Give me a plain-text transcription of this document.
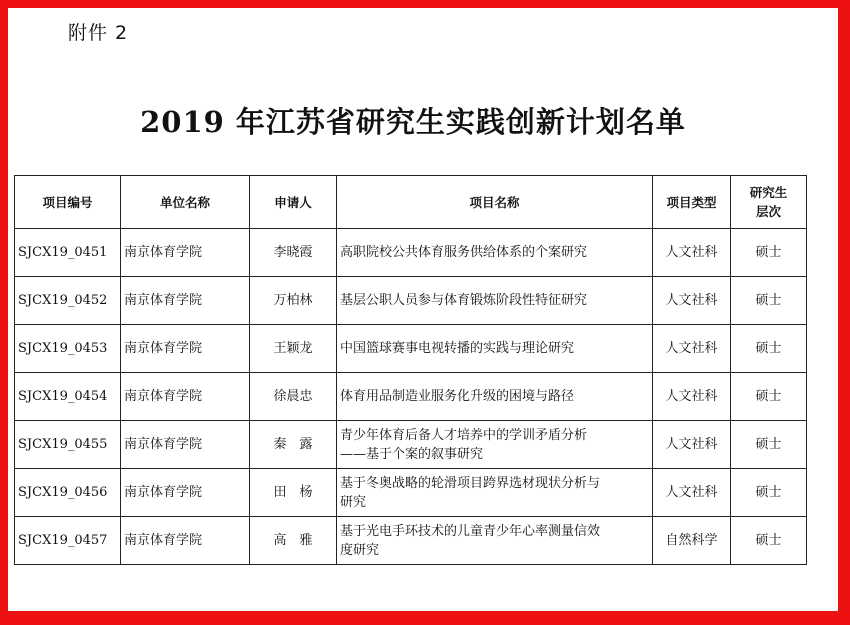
附件 2
2019 年江苏省研究生实践创新计划名单
项目编号	单位名称	申请人	项目名称	项目类型	研究生
层次

SJCX19_0451	南京体育学院	李晓霞	高职院校公共体育服务供给体系的个案研究	人文社科	硕士
SJCX19_0452	南京体育学院	万柏林	基层公职人员参与体育锻炼阶段性特征研究	人文社科	硕士
SJCX19_0453	南京体育学院	王颖龙	中国篮球赛事电视转播的实践与理论研究	人文社科	硕士
SJCX19_0454	南京体育学院	徐晨忠	体育用品制造业服务化升级的困境与路径	人文社科	硕士
SJCX19_0455	南京体育学院	秦　露	青少年体育后备人才培养中的学训矛盾分析
——基于个案的叙事研究	人文社科	硕士
SJCX19_0456	南京体育学院	田　杨	基于冬奥战略的轮滑项目跨界选材现状分析与
研究	人文社科	硕士
SJCX19_0457	南京体育学院	高　雅	基于光电手环技术的儿童青少年心率测量信效
度研究	自然科学	硕士
